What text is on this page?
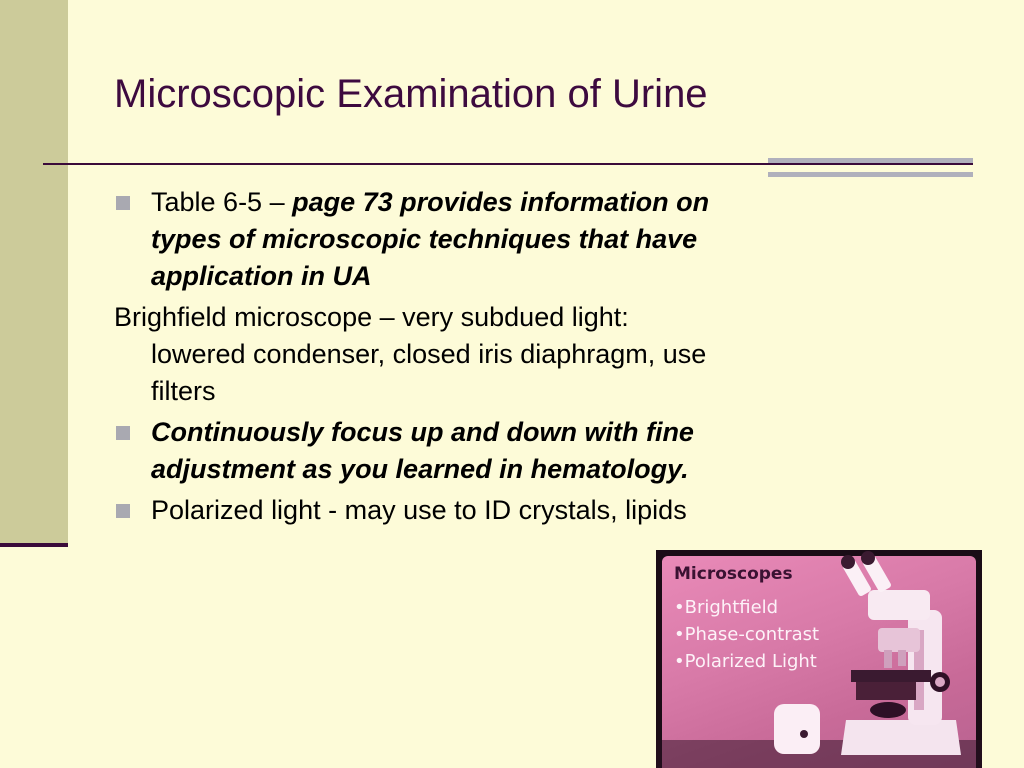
Microscopic Examination of Urine
Table 6-5 – page 73 provides information on types of microscopic techniques that have application in UA
Brighfield microscope – very subdued light: lowered condenser, closed iris diaphragm, use filters
Continuously focus up and down with fine adjustment as you learned in hematology.
Polarized light - may use to ID crystals, lipids
Microscopes
•Brightfield
•Phase-contrast
•Polarized Light
